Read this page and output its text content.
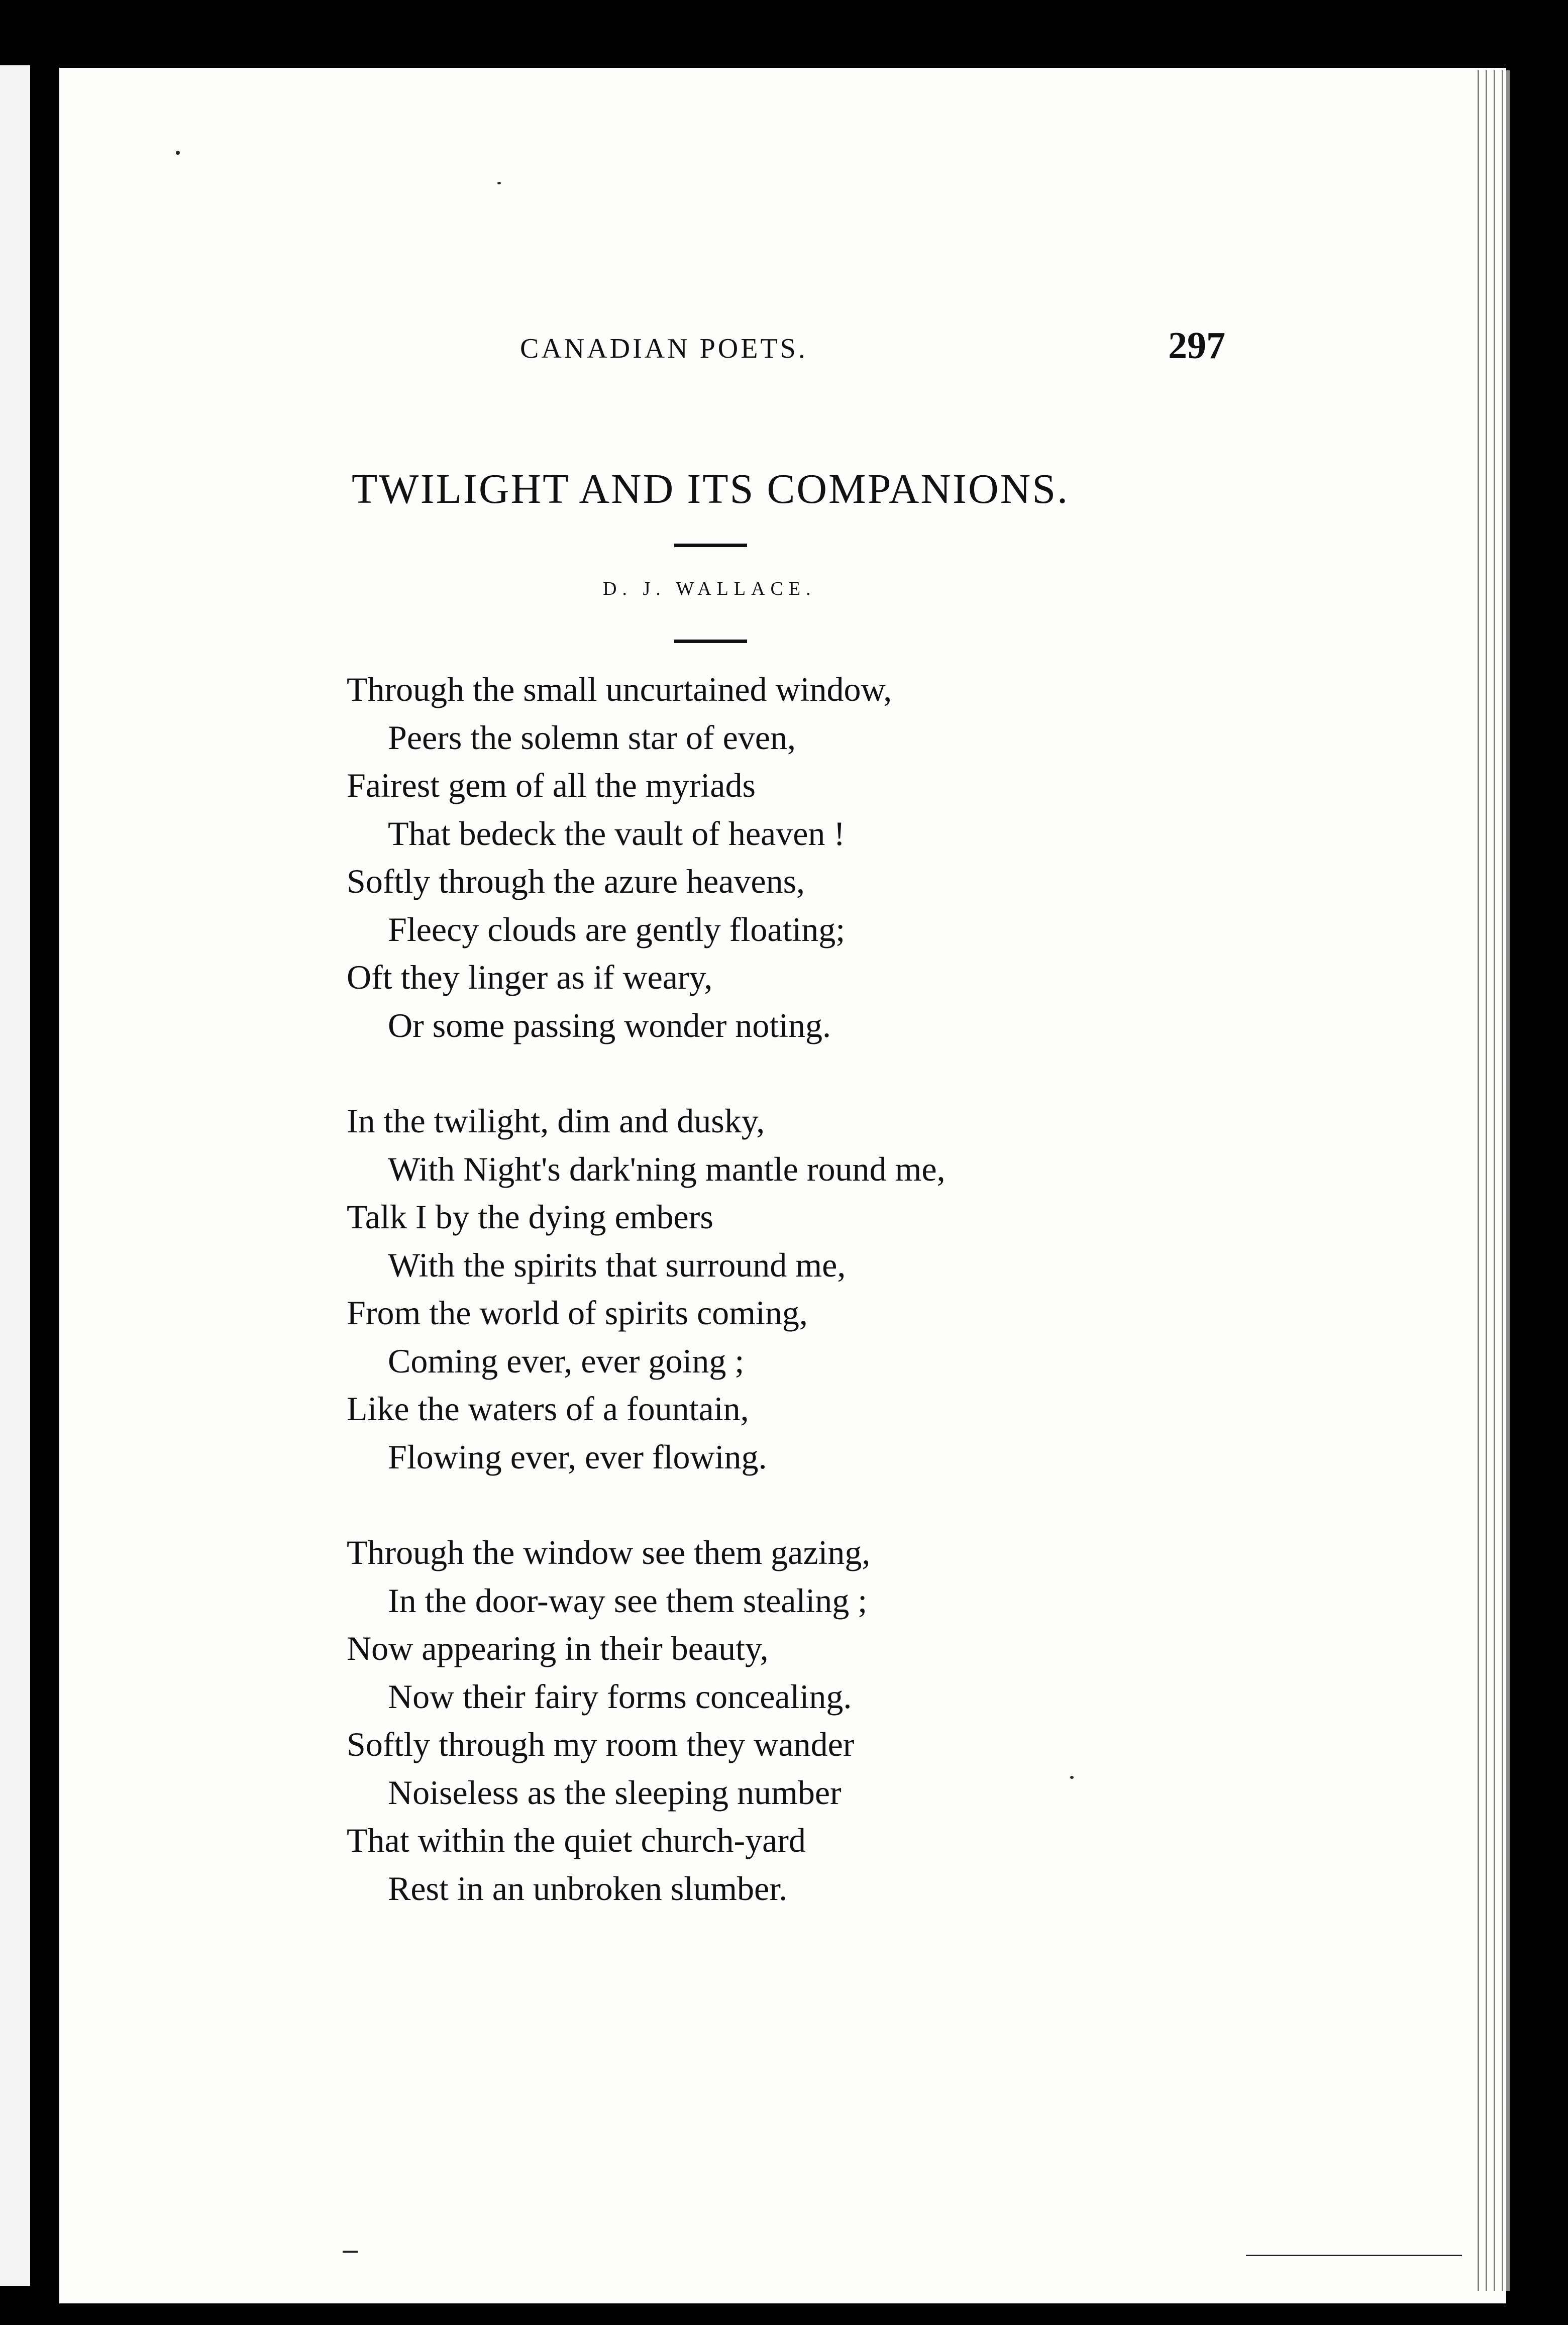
CANADIAN POETS.	297
TWILIGHT AND ITS COMPANIONS.
D. J. WALLACE.
Through the small uncurtained window,
Peers the solemn star of even,
Fairest gem of all the myriads
That bedeck the vault of heaven !
Softly through the azure heavens,
Fleecy clouds are gently floating;
Oft they linger as if weary,
Or some passing wonder noting.
In the twilight, dim and dusky,
With Night's dark'ning mantle round me,
Talk I by the dying embers
With the spirits that surround me,
From the world of spirits coming,
Coming ever, ever going ;
Like the waters of a fountain,
Flowing ever, ever flowing.
Through the window see them gazing,
In the door-way see them stealing ;
Now appearing in their beauty,
Now their fairy forms concealing.
Softly through my room they wander
Noiseless as the sleeping number
That within the quiet church-yard
Rest in an unbroken slumber.
